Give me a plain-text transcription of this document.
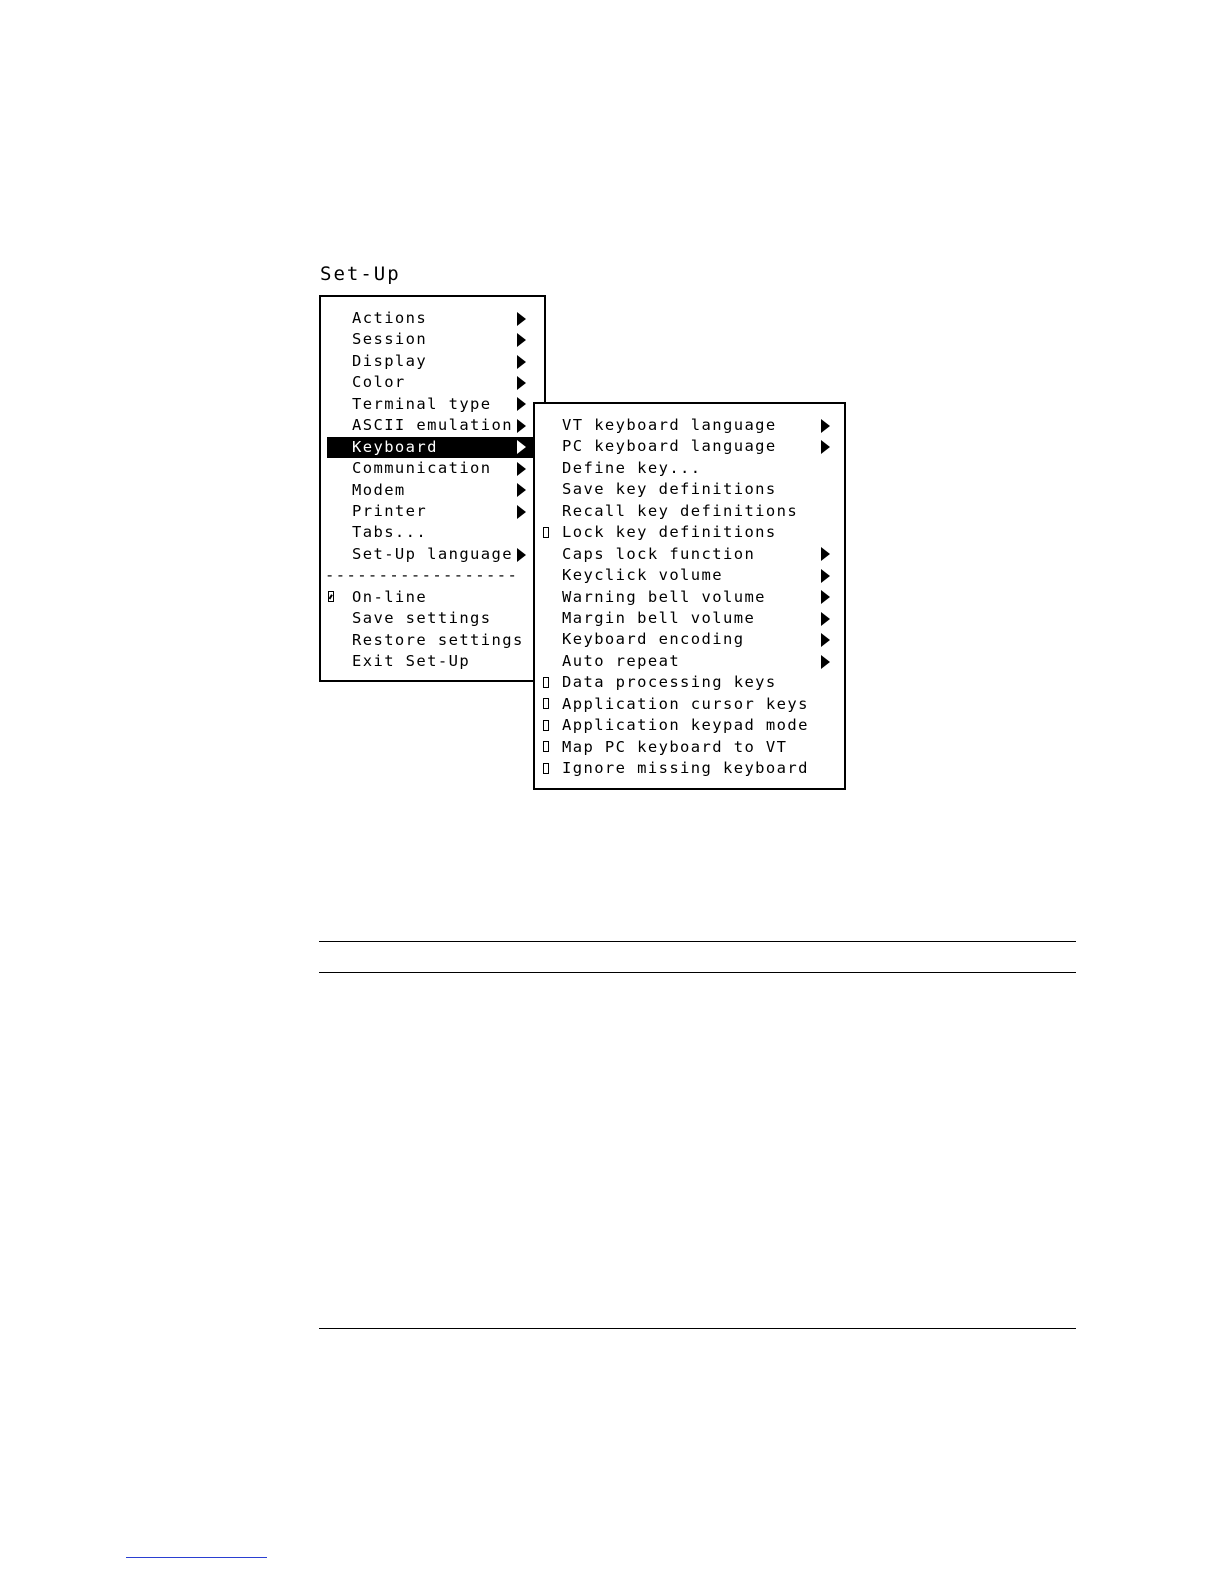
Set-Up
Actions
Session
Display
Color
Terminal type
ASCII emulation
Keyboard
Communication
Modem
Printer
Tabs...
Set-Up language
------------------
On-line
Save settings
Restore settings
Exit Set-Up
VT keyboard language
PC keyboard language
Define key...
Save key definitions
Recall key definitions
Lock key definitions
Caps lock function
Keyclick volume
Warning bell volume
Margin bell volume
Keyboard encoding
Auto repeat
Data processing keys
Application cursor keys
Application keypad mode
Map PC keyboard to VT
Ignore missing keyboard
